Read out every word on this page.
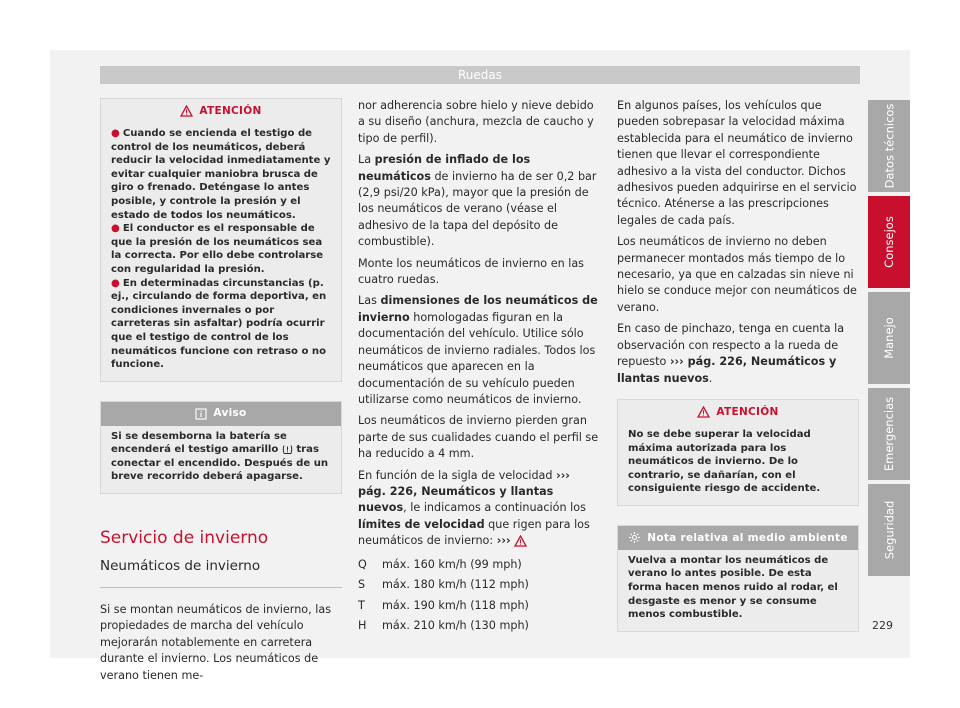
Ruedas
ATENCIÓN
● Cuando se encienda el testigo de control de los neumáticos, deberá reducir la velocidad inmediatamente y evitar cualquier maniobra brusca de giro o frenado. Deténgase lo antes posible, y controle la presión y el estado de todos los neumáticos.
● El conductor es el responsable de que la presión de los neumáticos sea la correcta. Por ello debe controlarse con regularidad la presión.
● En determinadas circunstancias (p. ej., circulando de forma deportiva, en condiciones invernales o por carreteras sin asfaltar) podría ocurrir que el testigo de control de los neumáticos funcione con retraso o no funcione.
Aviso
Si se desemborna la batería se encenderá el testigo amarillo  tras conectar el encendido. Después de un breve recorrido deberá apagarse.
Servicio de invierno
Neumáticos de invierno

Si se montan neumáticos de invierno, las propiedades de marcha del vehículo mejorarán notablemente en carretera durante el invierno. Los neumáticos de verano tienen me-

nor adherencia sobre hielo y nieve debido a su diseño (anchura, mezcla de caucho y tipo de perfil).

La presión de inflado de los neumáticos de invierno ha de ser 0,2 bar (2,9 psi/20 kPa), mayor que la presión de los neumáticos de verano (véase el adhesivo de la tapa del depósito de combustible).

Monte los neumáticos de invierno en las cuatro ruedas.

Las dimensiones de los neumáticos de invierno homologadas figuran en la documentación del vehículo. Utilice sólo neumáticos de invierno radiales. Todos los neumáticos que aparecen en la documentación de su vehículo pueden utilizarse como neumáticos de invierno.

Los neumáticos de invierno pierden gran parte de sus cualidades cuando el perfil se ha reducido a 4 mm.

En función de la sigla de velocidad ››› pág. 226, Neumáticos y llantas nuevos, le indicamos a continuación los límites de velocidad que rigen para los neumáticos de invierno: ›››

Q	máx. 160 km/h (99 mph)
S	máx. 180 km/h (112 mph)
T	máx. 190 km/h (118 mph)
H	máx. 210 km/h (130 mph)

En algunos países, los vehículos que pueden sobrepasar la velocidad máxima establecida para el neumático de invierno tienen que llevar el correspondiente adhesivo a la vista del conductor. Dichos adhesivos pueden adquirirse en el servicio técnico. Aténerse a las prescripciones legales de cada país.

Los neumáticos de invierno no deben permanecer montados más tiempo de lo necesario, ya que en calzadas sin nieve ni hielo se conduce mejor con neumáticos de verano.

En caso de pinchazo, tenga en cuenta la observación con respecto a la rueda de repuesto ››› pág. 226, Neumáticos y llantas nuevos.

ATENCIÓN
No se debe superar la velocidad máxima autorizada para los neumáticos de invierno. De lo contrario, se dañarían, con el consiguiente riesgo de accidente.
Nota relativa al medio ambiente
Vuelva a montar los neumáticos de verano lo antes posible. De esta forma hacen menos ruido al rodar, el desgaste es menor y se consume menos combustible.
Datos técnicos
Consejos
Manejo
Emergencias
Seguridad
229
